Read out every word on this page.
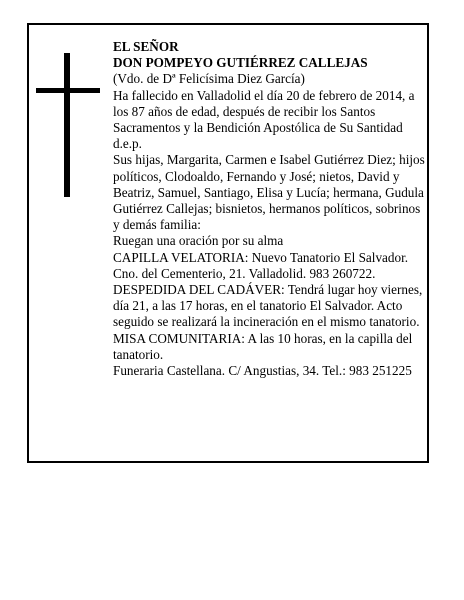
EL SEÑOR

DON POMPEYO GUTIÉRREZ CALLEJAS

(Vdo. de Dª Felicísima Diez García)

Ha fallecido en Valladolid el día 20 de febrero de 2014, a los 87 años de edad, después de recibir los Santos Sacramentos y la Bendición Apostólica de Su Santidad

d.e.p.

Sus hijas, Margarita, Carmen e Isabel Gutiérrez Diez; hijos políticos, Clodoaldo, Fernando y José; nietos, David y Beatriz, Samuel, Santiago, Elisa y Lucía; hermana, Gudula Gutiérrez Callejas; bisnietos, hermanos políticos, sobrinos y demás familia:

Ruegan una oración por su alma

CAPILLA VELATORIA: Nuevo Tanatorio El Salvador. Cno. del Cementerio, 21. Valladolid. 983 260722.

DESPEDIDA DEL CADÁVER: Tendrá lugar hoy viernes, día 21, a las 17 horas, en el tanatorio El Salvador. Acto seguido se realizará la incineración en el mismo tanatorio.

MISA COMUNITARIA: A las 10 horas, en la capilla del tanatorio.

Funeraria Castellana. C/ Angustias, 34. Tel.: 983 251225
